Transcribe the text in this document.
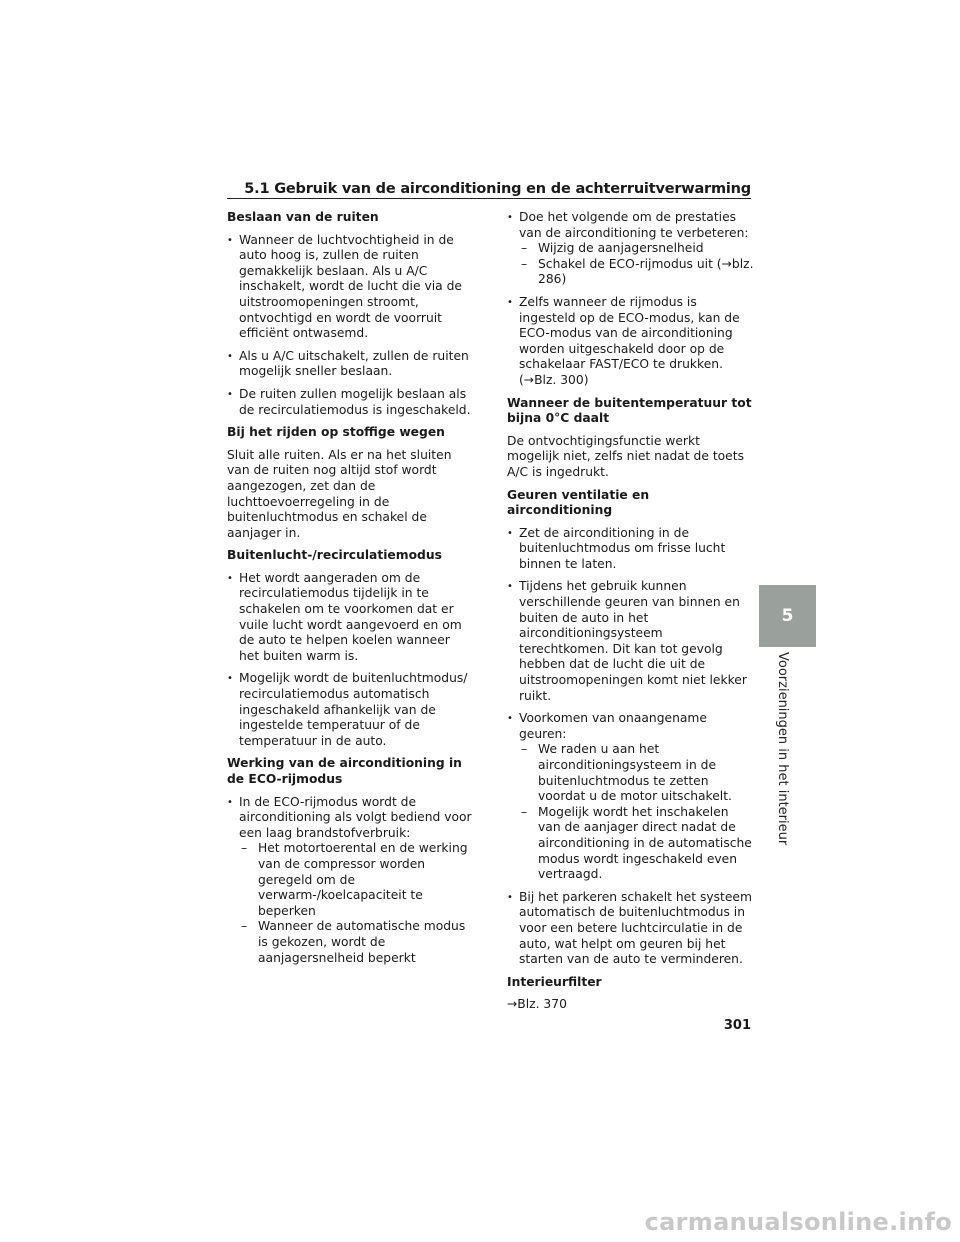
5.1 Gebruik van de airconditioning en de achterruitverwarming
Beslaan van de ruiten
• Wanneer de luchtvochtigheid in de auto hoog is, zullen de ruiten gemakkelijk beslaan. Als u A/C inschakelt, wordt de lucht die via de uitstroomopeningen stroomt, ontvochtigd en wordt de voorruit efficiënt ontwasemd.
• Als u A/C uitschakelt, zullen de ruiten mogelijk sneller beslaan.
• De ruiten zullen mogelijk beslaan als de recirculatiemodus is ingeschakeld.
Bij het rijden op stoffige wegen
Sluit alle ruiten. Als er na het sluiten van de ruiten nog altijd stof wordt aangezogen, zet dan de luchttoevoerregeling in de buitenluchtmodus en schakel de aanjager in.
Buitenlucht-/recirculatiemodus
• Het wordt aangeraden om de recirculatiemodus tijdelijk in te schakelen om te voorkomen dat er vuile lucht wordt aangevoerd en om de auto te helpen koelen wanneer het buiten warm is.
• Mogelijk wordt de buitenluchtmodus/ recirculatiemodus automatisch ingeschakeld afhankelijk van de ingestelde temperatuur of de temperatuur in de auto.
Werking van de airconditioning in de ECO-rijmodus
• In de ECO-rijmodus wordt de airconditioning als volgt bediend voor een laag brandstofverbruik:
– Het motortoerental en de werking van de compressor worden geregeld om de verwarm-/koelcapaciteit te beperken
– Wanneer de automatische modus is gekozen, wordt de aanjagersnelheid beperkt
• Doe het volgende om de prestaties van de airconditioning te verbeteren:
– Wijzig de aanjagersnelheid
– Schakel de ECO-rijmodus uit (→blz. 286)
• Zelfs wanneer de rijmodus is ingesteld op de ECO-modus, kan de ECO-modus van de airconditioning worden uitgeschakeld door op de schakelaar FAST/ECO te drukken. (→Blz. 300)
Wanneer de buitentemperatuur tot bijna 0°C daalt
De ontvochtigingsfunctie werkt mogelijk niet, zelfs niet nadat de toets A/C is ingedrukt.
Geuren ventilatie en airconditioning
• Zet de airconditioning in de buitenluchtmodus om frisse lucht binnen te laten.
• Tijdens het gebruik kunnen verschillende geuren van binnen en buiten de auto in het airconditioningsysteem terechtkomen. Dit kan tot gevolg hebben dat de lucht die uit de uitstroomopeningen komt niet lekker ruikt.
• Voorkomen van onaangename geuren:
– We raden u aan het airconditioningsysteem in de buitenluchtmodus te zetten voordat u de motor uitschakelt.
– Mogelijk wordt het inschakelen van de aanjager direct nadat de airconditioning in de automatische modus wordt ingeschakeld even vertraagd.
• Bij het parkeren schakelt het systeem automatisch de buitenluchtmodus in voor een betere luchtcirculatie in de auto, wat helpt om geuren bij het starten van de auto te verminderen.
Interieurfilter
→Blz. 370
5
Voorzieningen in het interieur
301
carmanualsonline.info
